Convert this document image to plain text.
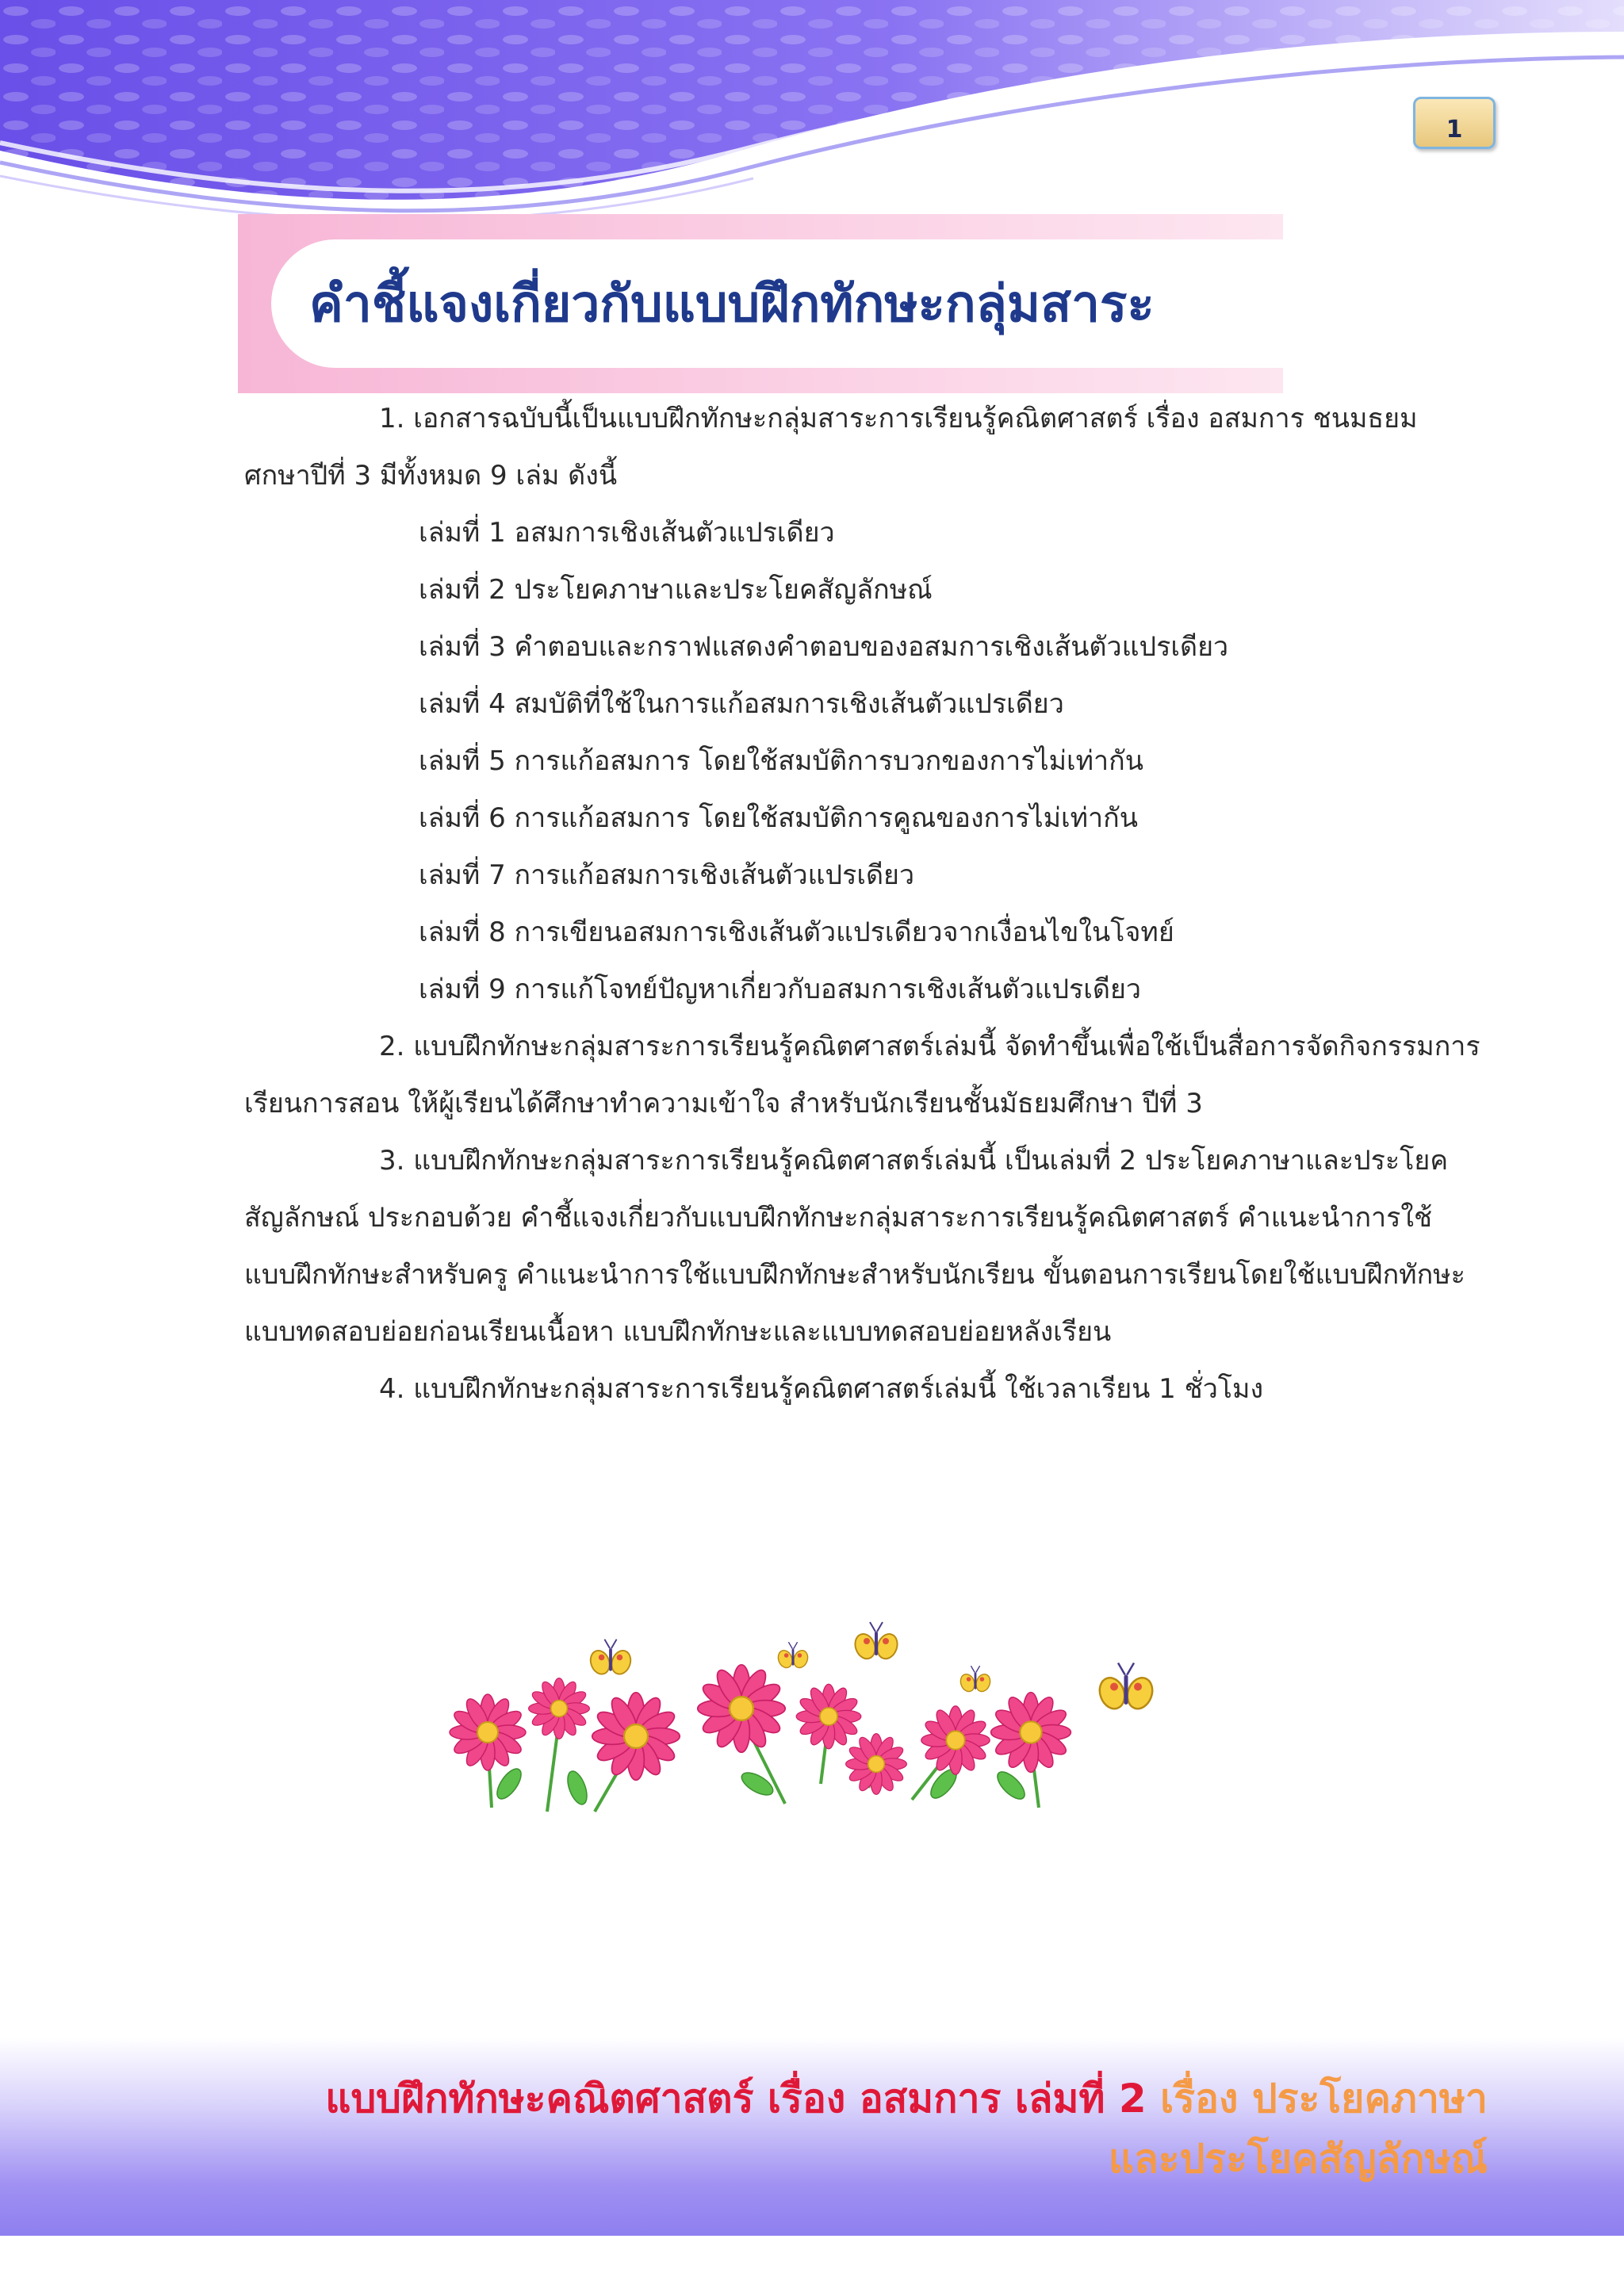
1
คำชี้แจงเกี่ยวกับแบบฝึกทักษะกลุ่มสาระ

1. เอกสารฉบับนี้เป็นแบบฝึกทักษะกลุ่มสาระการเรียนรู้คณิตศาสตร์ เรื่อง อสมการ ชนมธยมศกษาปีที่ 3 มีทั้งหมด 9 เล่ม ดังนี้

เล่มที่ 1 อสมการเชิงเส้นตัวแปรเดียว
เล่มที่ 2 ประโยคภาษาและประโยคสัญลักษณ์
เล่มที่ 3 คำตอบและกราฟแสดงคำตอบของอสมการเชิงเส้นตัวแปรเดียว
เล่มที่ 4 สมบัติที่ใช้ในการแก้อสมการเชิงเส้นตัวแปรเดียว
เล่มที่ 5 การแก้อสมการ โดยใช้สมบัติการบวกของการไม่เท่ากัน
เล่มที่ 6 การแก้อสมการ โดยใช้สมบัติการคูณของการไม่เท่ากัน
เล่มที่ 7 การแก้อสมการเชิงเส้นตัวแปรเดียว
เล่มที่ 8 การเขียนอสมการเชิงเส้นตัวแปรเดียวจากเงื่อนไขในโจทย์
เล่มที่ 9 การแก้โจทย์ปัญหาเกี่ยวกับอสมการเชิงเส้นตัวแปรเดียว

2. แบบฝึกทักษะกลุ่มสาระการเรียนรู้คณิตศาสตร์เล่มนี้ จัดทำขึ้นเพื่อใช้เป็นสื่อการจัดกิจกรรมการเรียนการสอน ให้ผู้เรียนได้ศึกษาทำความเข้าใจ สำหรับนักเรียนชั้นมัธยมศึกษา ปีที่ 3

3. แบบฝึกทักษะกลุ่มสาระการเรียนรู้คณิตศาสตร์เล่มนี้ เป็นเล่มที่ 2 ประโยคภาษาและประโยคสัญลักษณ์ ประกอบด้วย คำชี้แจงเกี่ยวกับแบบฝึกทักษะกลุ่มสาระการเรียนรู้คณิตศาสตร์ คำแนะนำการใช้แบบฝึกทักษะสำหรับครู คำแนะนำการใช้แบบฝึกทักษะสำหรับนักเรียน ขั้นตอนการเรียนโดยใช้แบบฝึกทักษะ แบบทดสอบย่อยก่อนเรียนเนื้อหา แบบฝึกทักษะและแบบทดสอบย่อยหลังเรียน

4. แบบฝึกทักษะกลุ่มสาระการเรียนรู้คณิตศาสตร์เล่มนี้ ใช้เวลาเรียน 1 ชั่วโมง

แบบฝึกทักษะคณิตศาสตร์ เรื่อง อสมการ เล่มที่ 2 เรื่อง ประโยคภาษา
และประโยคสัญลักษณ์
